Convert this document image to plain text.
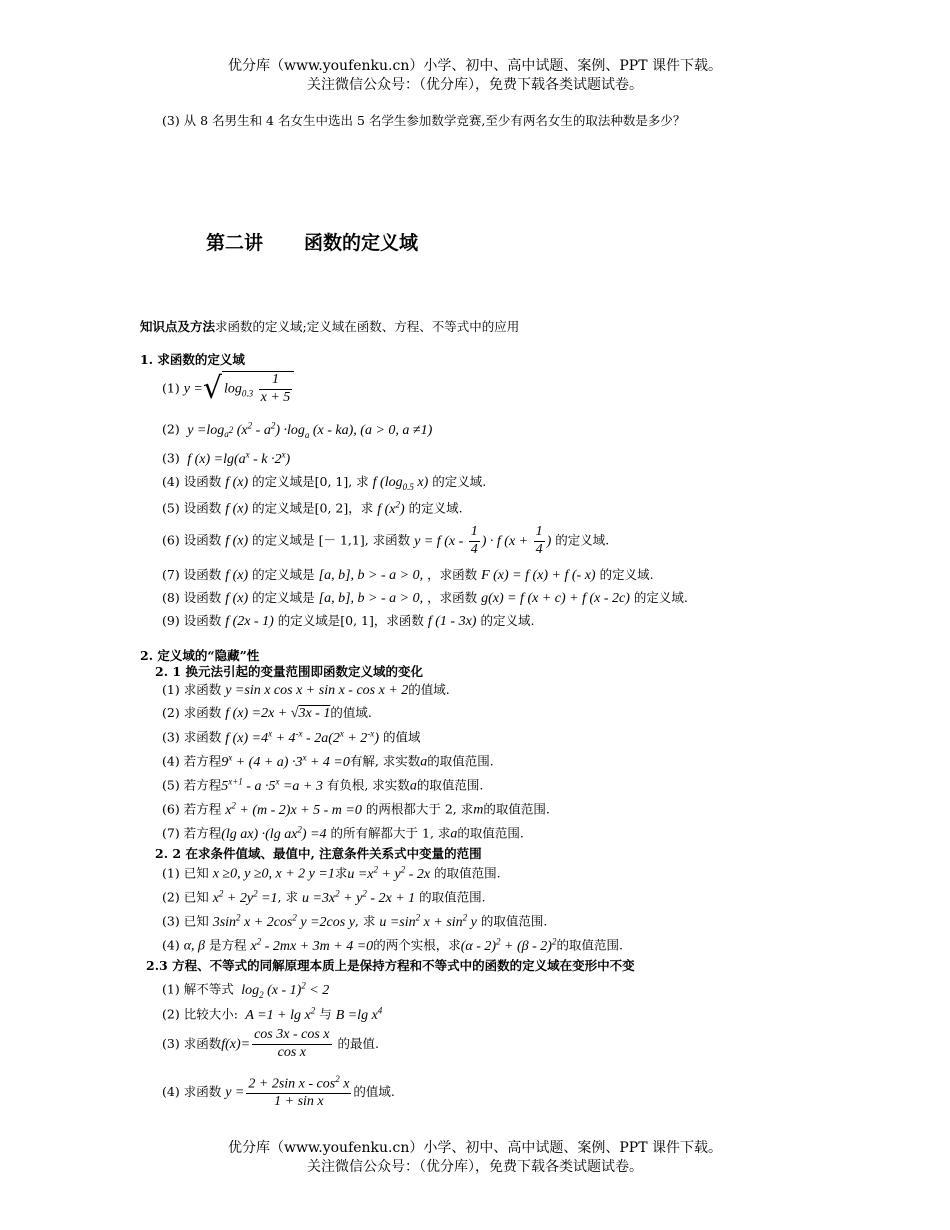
优分库（www.youfenku.cn）小学、初中、高中试题、案例、PPT 课件下载。
关注微信公众号：（优分库），免费下载各类试题试卷。
(3) 从 8 名男生和 4 名女生中选出 5 名学生参加数学竞赛,至少有两名女生的取法种数是多少？
第二讲 函数的定义域
知识点及方法求函数的定义域;定义域在函数、方程、不等式中的应用
1. 求函数的定义域
(1) y =√ $\log_{0.3} \frac{1}{x + 5}$
(2)  $y =\log_{a^2}$ $(x^2 - a^2) \cdot\log_a$ (x - ka), (a > 0, a ≠1)
(3)  f $(x) =\lg(a^x - k \cdot 2^x)$
(4) 设函数 f (x) 的定义域是[0, 1], 求 f ($\log_{0.5}$ x) 的定义域.
(5) 设函数 f (x) 的定义域是[0, 2]，求 f $(x^2)$ 的定义域.
(6) 设函数 f (x) 的定义域是 [－ 1,1], 求函数 y = f ($x - \frac{1}{4}$ ) · f ($x + \frac{1}{4}$ ) 的定义域.
(7) 设函数 f (x) 的定义域是 [a, b], b > - a > 0, ，求函数 F (x) = f (x) + f (- x) 的定义域.
(8) 设函数 f (x) 的定义域是 [a, b], b > - a > 0, ，求函数 g(x) = f (x + c) + f (x - 2c) 的定义域.
(9) 设函数 f (2x - 1) 的定义域是[0, 1]，求函数 f (1 - 3x) 的定义域.
2. 定义域的“隐藏”性
2. 1 换元法引起的变量范围即函数定义域的变化
(1) 求函数 y =sin x cos x + sin x - cos x + 2的值域.
(2) 求函数 f (x) =2x + √3x - 1的值域.
(3) 求函数 f $(x) =4^x + 4^{-x} - 2a(2^x + 2^{-x})$ 的值域
(4) 若方程$9^x + (4 + a) \cdot 3^x + 4 =0$有解, 求实数a的取值范围.
(5) 若方程$5^{x+1} - a \cdot 5^x =a + 3$ 有负根, 求实数a的取值范围.
(6) 若方程 $x^2 + (m - 2)x + 5 - m =0$ 的两根都大于 2, 求m的取值范围.
(7) 若方程(lg ax) ·(lg $ax^2) =4$ 的所有解都大于 1, 求a的取值范围.
2. 2 在求条件值域、最值中, 注意条件关系式中变量的范围
(1) 已知 x ≥0, y ≥0, x + 2 y =1求$u =x^2 + y^2 - 2x$ 的取值范围.
(2) 已知 $x^2 + 2y^2 =1$, 求 $u =3x^2 + y^2 - 2x + 1$ 的取值范围.
(3) 已知 $3\sin^2$ $x + 2\cos^2$ y =2cos y, 求 $u =\sin^2$ $x + \sin^2 y$ 的取值范围.
(4) α, β 是方程 $x^2 - 2mx + 3m + 4 =0$的两个实根，求(α - 2)$^2$ + (β - 2)$^2$的取值范围.
2.3 方程、不等式的同解原理本质上是保持方程和不等式中的函数的定义域在变形中不变
(1) 解不等式  $\log_2 (x - 1)^2 < 2$
(2) 比较大小:  $A =1 + \lg x^2$ 与 B =lg $x^4$
(3) 求函数$f(x)= \frac{\text{cos 3x - cos x}}{\text{cos x}}$ 的最值.
(4) 求函数 $y = \frac{2 + 2\sin x - \cos^2 x}{\text{1 + sin x}}$ 的值域.
优分库（www.youfenku.cn）小学、初中、高中试题、案例、PPT 课件下载。
关注微信公众号：（优分库），免费下载各类试题试卷。
